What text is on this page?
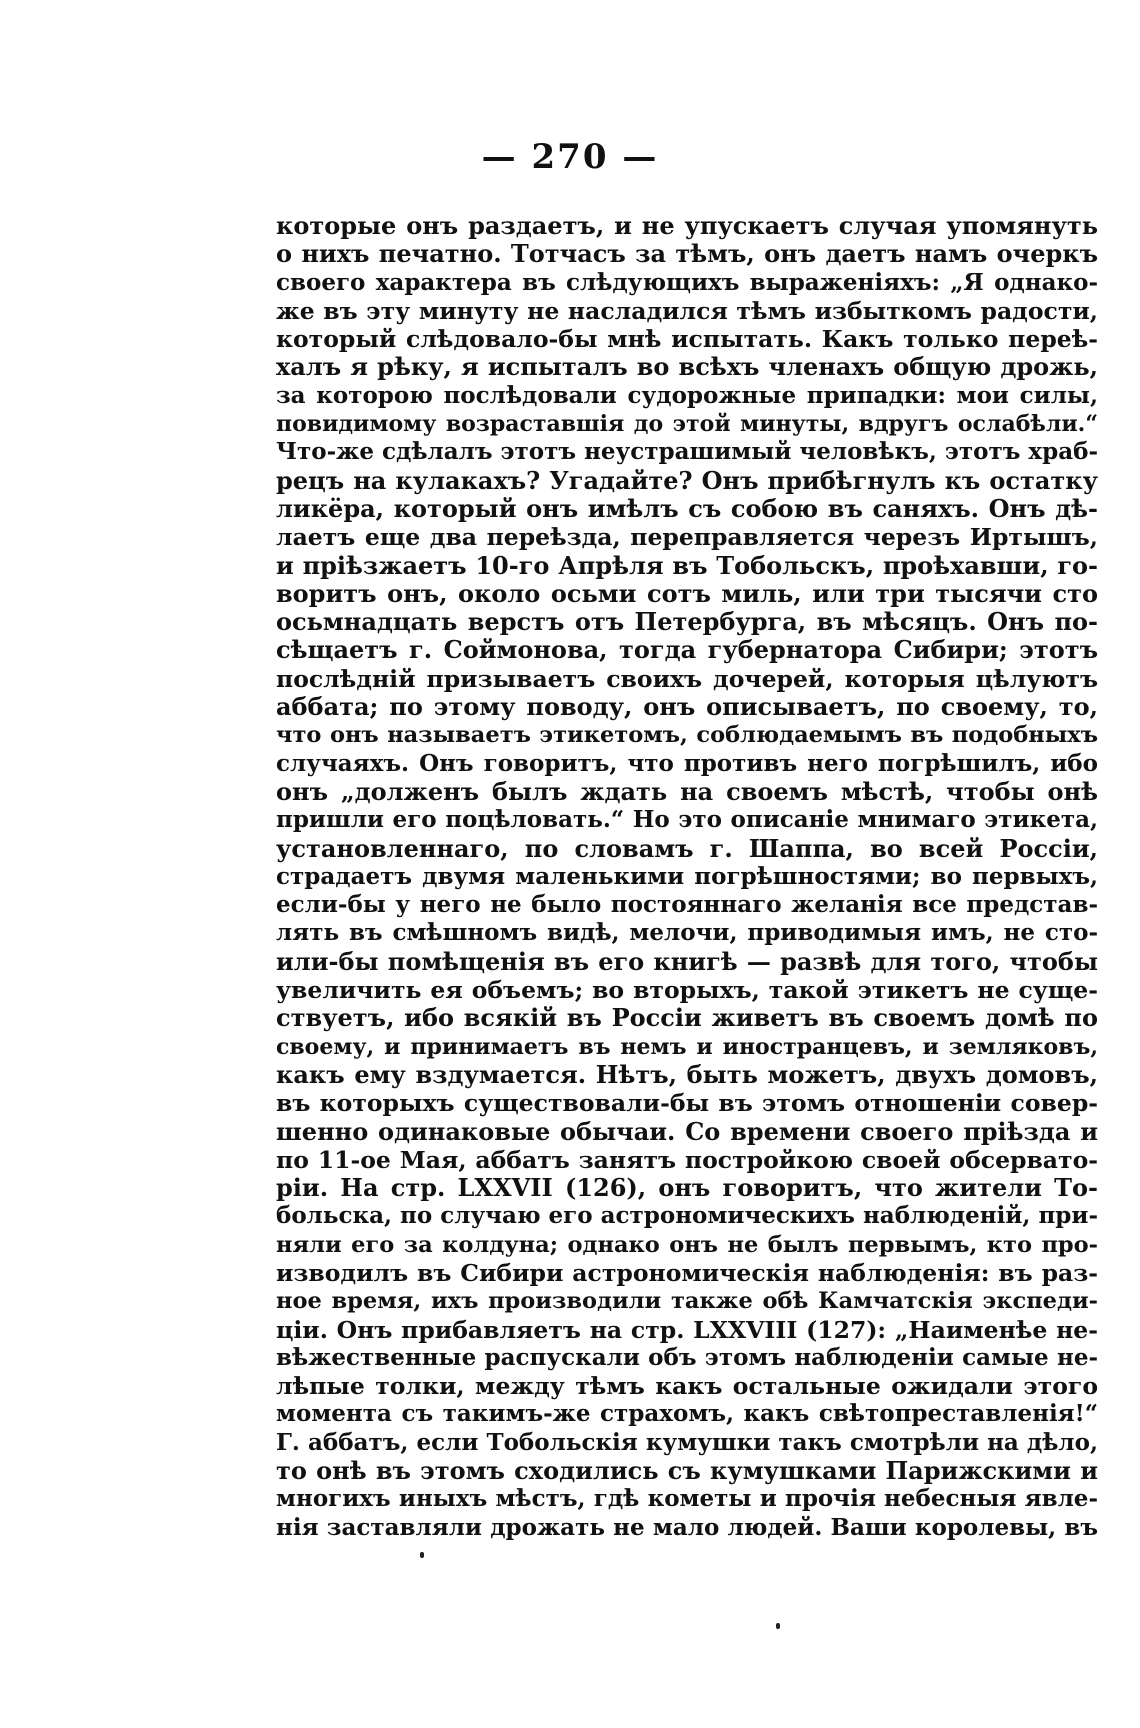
— 270 —
которые онъ раздаетъ, и не упускаетъ случая упомянуть
о нихъ печатно. Тотчасъ за тѣмъ, онъ даетъ намъ очеркъ
своего характера въ слѣдующихъ выраженіяхъ: „Я однако-
же въ эту минуту не насладился тѣмъ избыткомъ радости,
который слѣдовало-бы мнѣ испытать. Какъ только переѣ-
халъ я рѣку, я испыталъ во всѣхъ членахъ общую дрожь,
за которою послѣдовали судорожные припадки: мои силы,
повидимому возраставшія до этой минуты, вдругъ ослабѣли.“
Что-же сдѣлалъ этотъ неустрашимый человѣкъ, этотъ храб-
рецъ на кулакахъ? Угадайте? Онъ прибѣгнулъ къ остатку
ликёра, который онъ имѣлъ съ собою въ саняхъ. Онъ дѣ-
лаетъ еще два переѣзда, переправляется черезъ Иртышъ,
и пріѣзжаетъ 10-го Апрѣля въ Тобольскъ, проѣхавши, го-
воритъ онъ, около осьми сотъ миль, или три тысячи сто
осьмнадцать верстъ отъ Петербурга, въ мѣсяцъ. Онъ по-
сѣщаетъ г. Соймонова, тогда губернатора Сибири; этотъ
послѣдній призываетъ своихъ дочерей, которыя цѣлуютъ
аббата; по этому поводу, онъ описываетъ, по своему, то,
что онъ называетъ этикетомъ, соблюдаемымъ въ подобныхъ
случаяхъ. Онъ говоритъ, что противъ него погрѣшилъ, ибо
онъ „долженъ былъ ждать на своемъ мѣстѣ, чтобы онѣ
пришли его поцѣловать.“ Но это описаніе мнимаго этикета,
установленнаго, по словамъ г. Шаппа, во всей Россіи,
страдаетъ двумя маленькими погрѣшностями; во первыхъ,
если-бы у него не было постояннаго желанія все представ-
лять въ смѣшномъ видѣ, мелочи, приводимыя имъ, не сто-
или-бы помѣщенія въ его книгѣ — развѣ для того, чтобы
увеличить ея объемъ; во вторыхъ, такой этикетъ не суще-
ствуетъ, ибо всякій въ Россіи живетъ въ своемъ домѣ по
своему, и принимаетъ въ немъ и иностранцевъ, и земляковъ,
какъ ему вздумается. Нѣтъ, быть можетъ, двухъ домовъ,
въ которыхъ существовали-бы въ этомъ отношеніи совер-
шенно одинаковые обычаи. Со времени своего пріѣзда и
по 11-ое Мая, аббатъ занятъ постройкою своей обсервато-
ріи. На стр. LXXVII (126), онъ говоритъ, что жители То-
больска, по случаю его астрономическихъ наблюденій, при-
няли его за колдуна; однако онъ не былъ первымъ, кто про-
изводилъ въ Сибири астрономическія наблюденія: въ раз-
ное время, ихъ производили также обѣ Камчатскія экспеди-
ціи. Онъ прибавляетъ на стр. LXXVIII (127): „Наименѣе не-
вѣжественные распускали объ этомъ наблюденіи самые не-
лѣпые толки, между тѣмъ какъ остальные ожидали этого
момента съ такимъ-же страхомъ, какъ свѣтопреставленія!“
Г. аббатъ, если Тобольскія кумушки такъ смотрѣли на дѣло,
то онѣ въ этомъ сходились съ кумушками Парижскими и
многихъ иныхъ мѣстъ, гдѣ кометы и прочія небесныя явле-
нія заставляли дрожать не мало людей. Ваши королевы, въ
